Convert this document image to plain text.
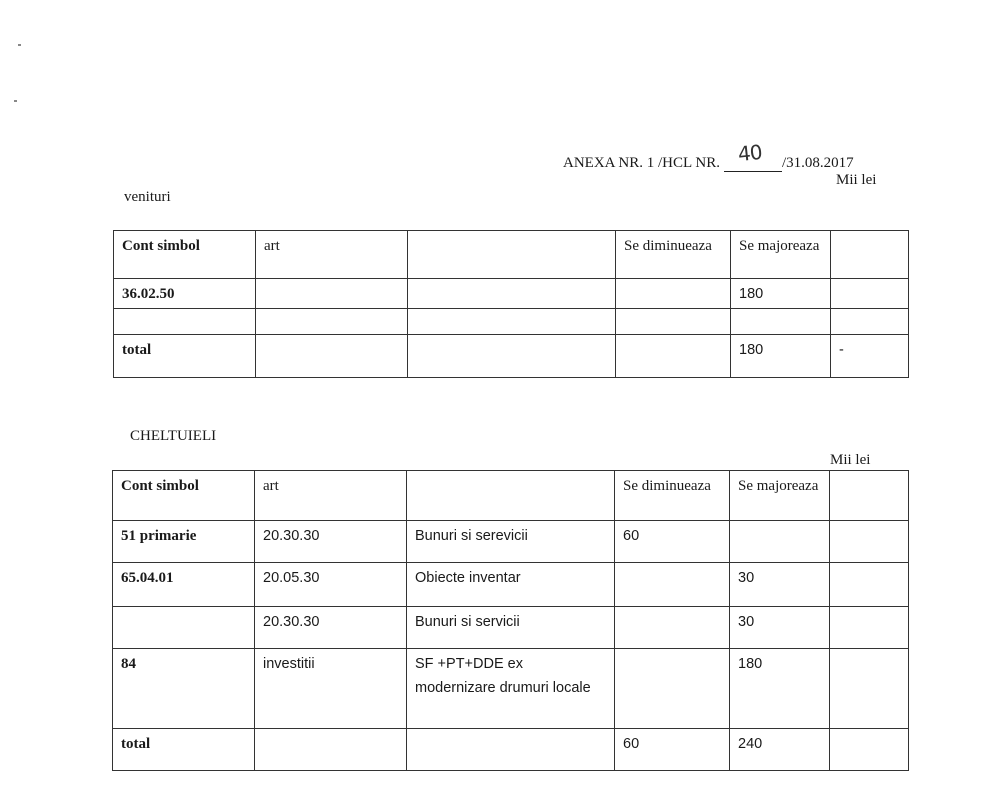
ANEXA NR. 1 /HCL NR. 40 /31.08.2017
Mii lei
venituri
Cont simbol	art		Se diminueaza	Se majoreaza	
36.02.50				180	

total				180	-
CHELTUIELI
Mii lei
Cont simbol	art		Se diminueaza	Se majoreaza	
51 primarie	20.30.30	Bunuri si serevicii	60		
65.04.01	20.05.30	Obiecte inventar		30	
	20.30.30	Bunuri si servicii		30	
84	investitii	SF +PT+DDE ex modernizare drumuri locale		180	
total			60	240	
